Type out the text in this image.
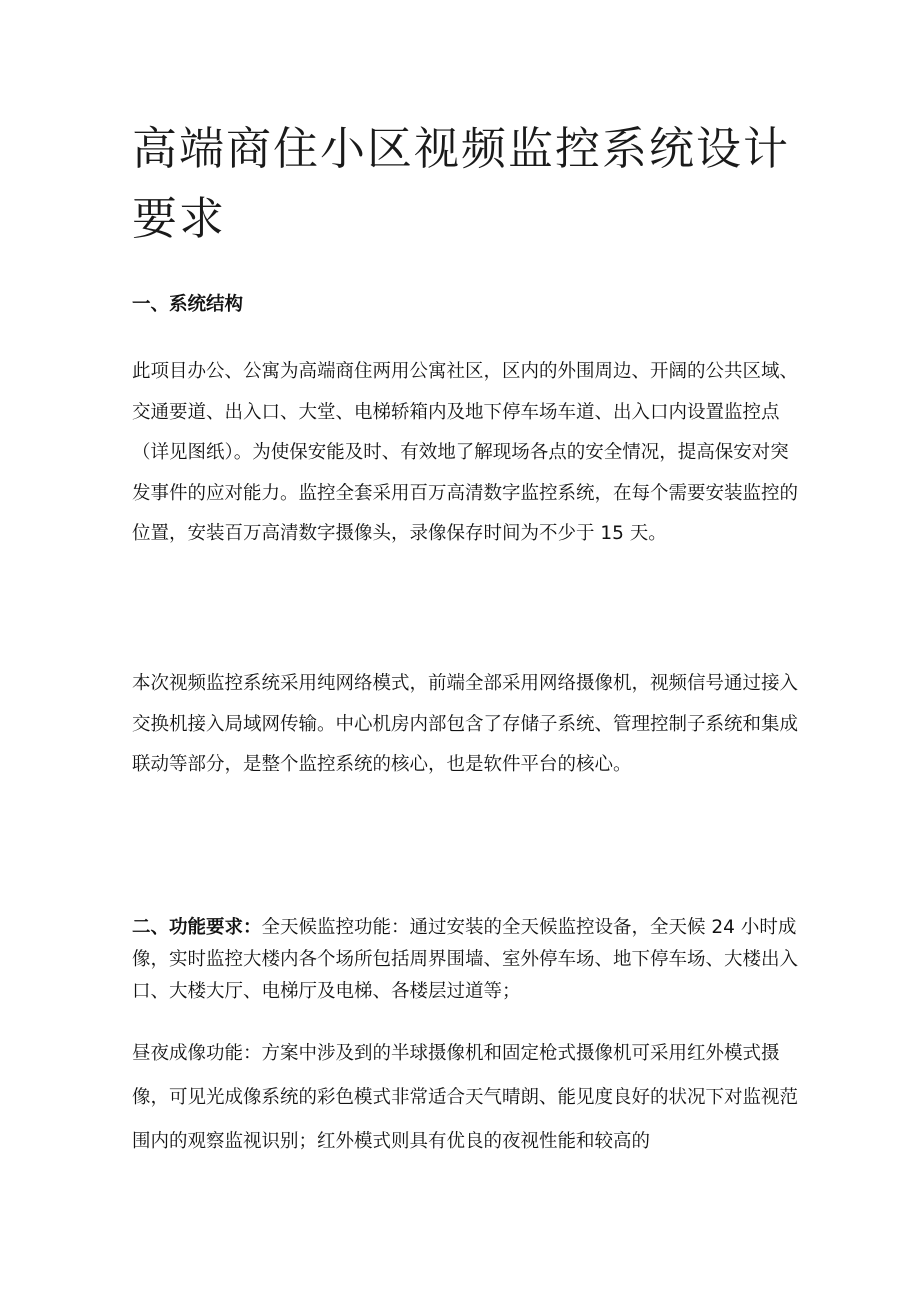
高端商住小区视频监控系统设计要求

一、系统结构

此项目办公、公寓为高端商住两用公寓社区，区内的外围周边、开阔的公共区域、交通要道、出入口、大堂、电梯轿箱内及地下停车场车道、出入口内设置监控点（详见图纸）。为使保安能及时、有效地了解现场各点的安全情况，提高保安对突发事件的应对能力。监控全套采用百万高清数字监控系统，在每个需要安装监控的位置，安装百万高清数字摄像头，录像保存时间为不少于 15 天。

本次视频监控系统采用纯网络模式，前端全部采用网络摄像机，视频信号通过接入交换机接入局域网传输。中心机房内部包含了存储子系统、管理控制子系统和集成联动等部分，是整个监控系统的核心，也是软件平台的核心。

二、功能要求：全天候监控功能：通过安装的全天候监控设备，全天候 24 小时成像，实时监控大楼内各个场所包括周界围墙、室外停车场、地下停车场、大楼出入口、大楼大厅、电梯厅及电梯、各楼层过道等；

昼夜成像功能：方案中涉及到的半球摄像机和固定枪式摄像机可采用红外模式摄像，可见光成像系统的彩色模式非常适合天气晴朗、能见度良好的状况下对监视范围内的观察监视识别；红外模式则具有优良的夜视性能和较高的
